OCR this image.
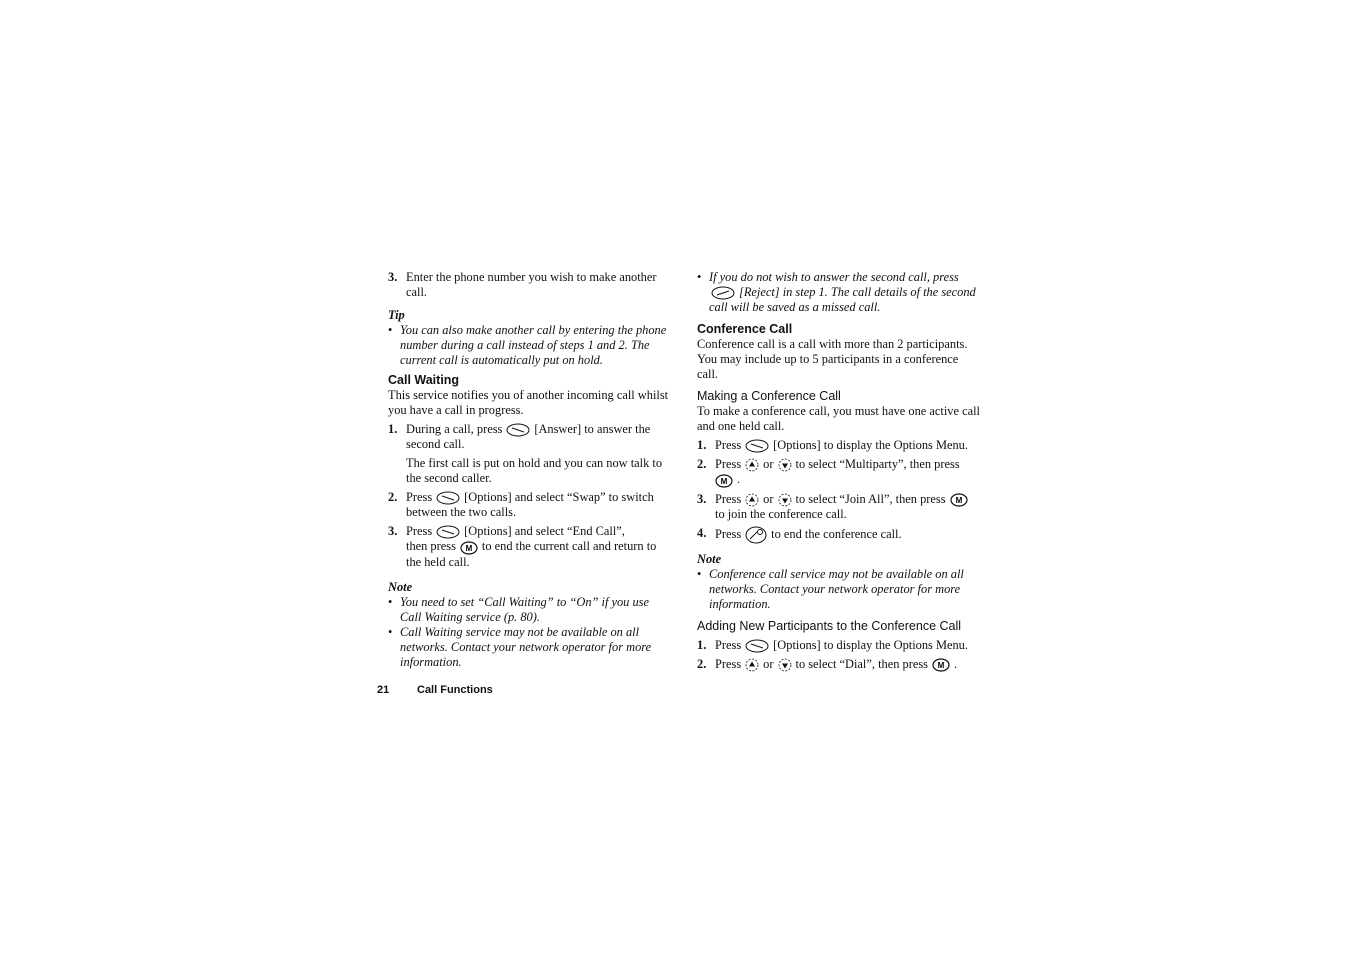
3. Enter the phone number you wish to make another call.

Tip

• You can also make another call by entering the phone number during a call instead of steps 1 and 2. The current call is automatically put on hold.

Call Waiting

This service notifies you of another incoming call whilst you have a call in progress.

1. During a call, press	[Answer] to answer the second call.

The first call is put on hold and you can now talk to the second caller.

2. Press	[Options] and select “Swap” to switch between the two calls.

3. Press	[Options] and select “End Call”,
then press M to end the current call and return to the held call.

Note

• You need to set “Call Waiting” to “On” if you use Call Waiting service (p. 80).
• Call Waiting service may not be available on all networks. Contact your network operator for more information.
• If you do not wish to answer the second call, press

[Reject] in step 1. The call details of the second call will be saved as a missed call.

Conference Call

Conference call is a call with more than 2 participants. You may include up to 5 participants in a conference call.

Making a Conference Call

To make a conference call, you must have one active call and one held call.

1. Press	[Options] to display the Options Menu.

2. Press or to select “Multiparty”, then press

M .

3. Press or to select “Join All”, then press M

to join the conference call.

4. Press to end the conference call.

Note

• Conference call service may not be available on all networks. Contact your network operator for more information.

Adding New Participants to the Conference Call

1. Press	[Options] to display the Options Menu.

2. Press or to select “Dial”, then press M .

21	Call Functions
